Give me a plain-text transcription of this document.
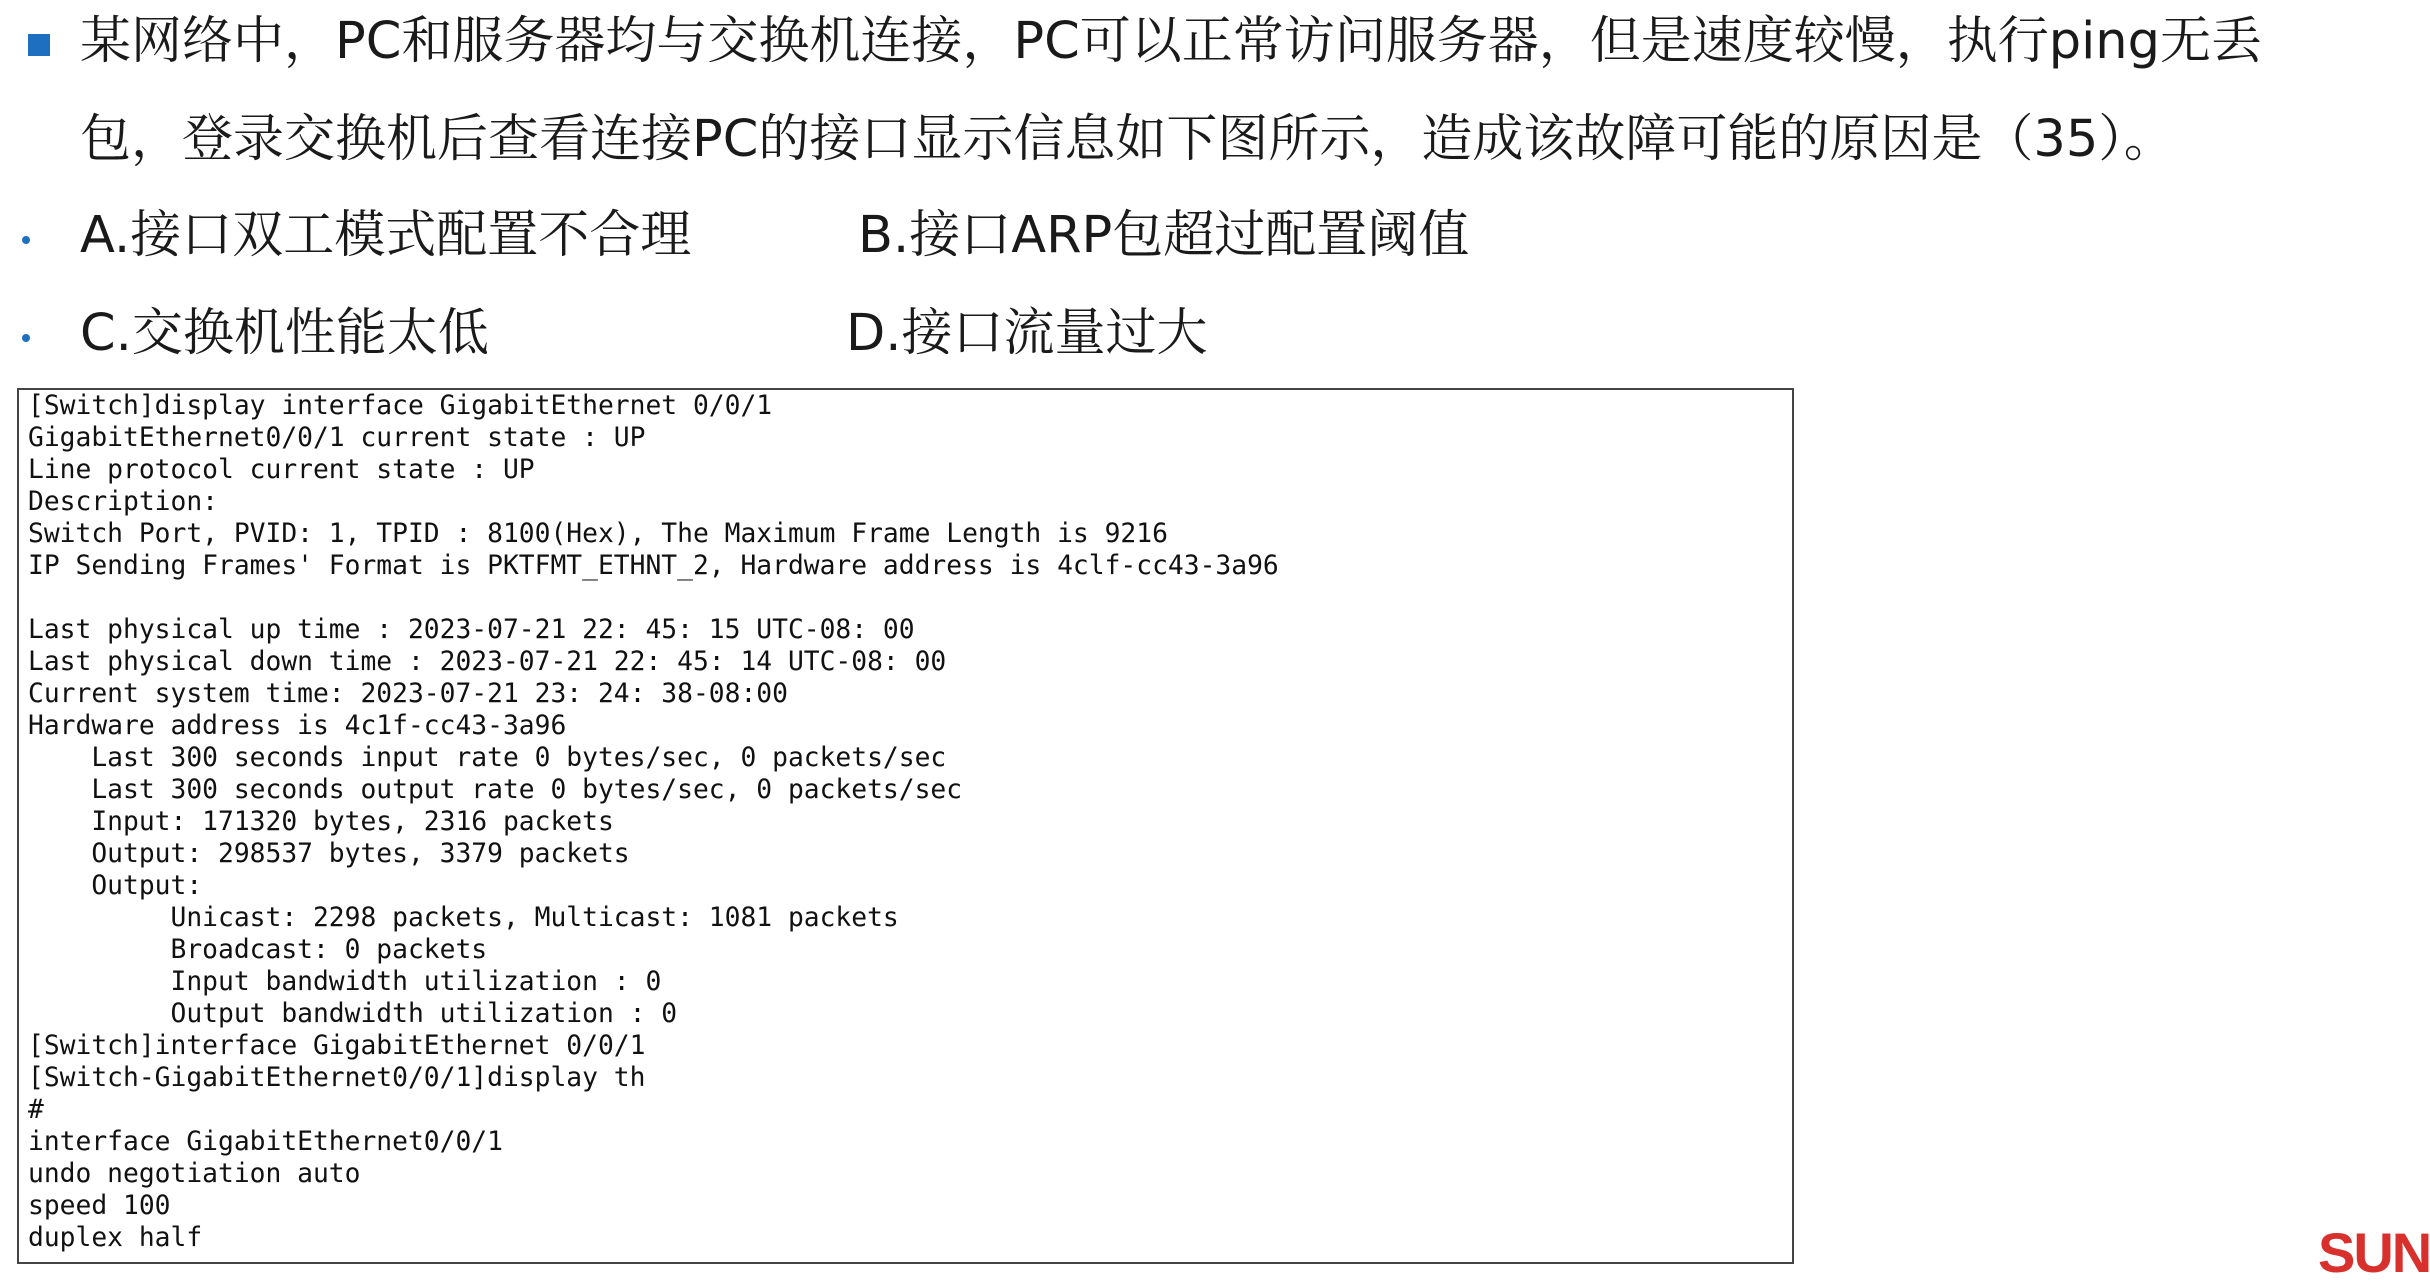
某网络中，PC和服务器均与交换机连接，PC可以正常访问服务器，但是速度较慢，执行ping无丢
包，登录交换机后查看连接PC的接口显示信息如下图所示，造成该故障可能的原因是（35）。
A.接口双工模式配置不合理	B.接口ARP包超过配置阈值
C.交换机性能太低	D.接口流量过大
[Switch]display interface GigabitEthernet 0/0/1
GigabitEthernet0/0/1 current state : UP
Line protocol current state : UP
Description:
Switch Port, PVID: 1, TPID : 8100(Hex), The Maximum Frame Length is 9216
IP Sending Frames' Format is PKTFMT_ETHNT_2, Hardware address is 4clf-cc43-3a96
Last physical up time : 2023-07-21 22: 45: 15 UTC-08: 00
Last physical down time : 2023-07-21 22: 45: 14 UTC-08: 00
Current system time: 2023-07-21 23: 24: 38-08:00
Hardware address is 4c1f-cc43-3a96
Last 300 seconds input rate 0 bytes/sec, 0 packets/sec
Last 300 seconds output rate 0 bytes/sec, 0 packets/sec
Input: 171320 bytes, 2316 packets
Output: 298537 bytes, 3379 packets
Output:
Unicast: 2298 packets, Multicast: 1081 packets
Broadcast: 0 packets
Input bandwidth utilization : 0
Output bandwidth utilization : 0
[Switch]interface GigabitEthernet 0/0/1
[Switch-GigabitEthernet0/0/1]display th
#
interface GigabitEthernet0/0/1
undo negotiation auto
speed 100
duplex half	SUN
